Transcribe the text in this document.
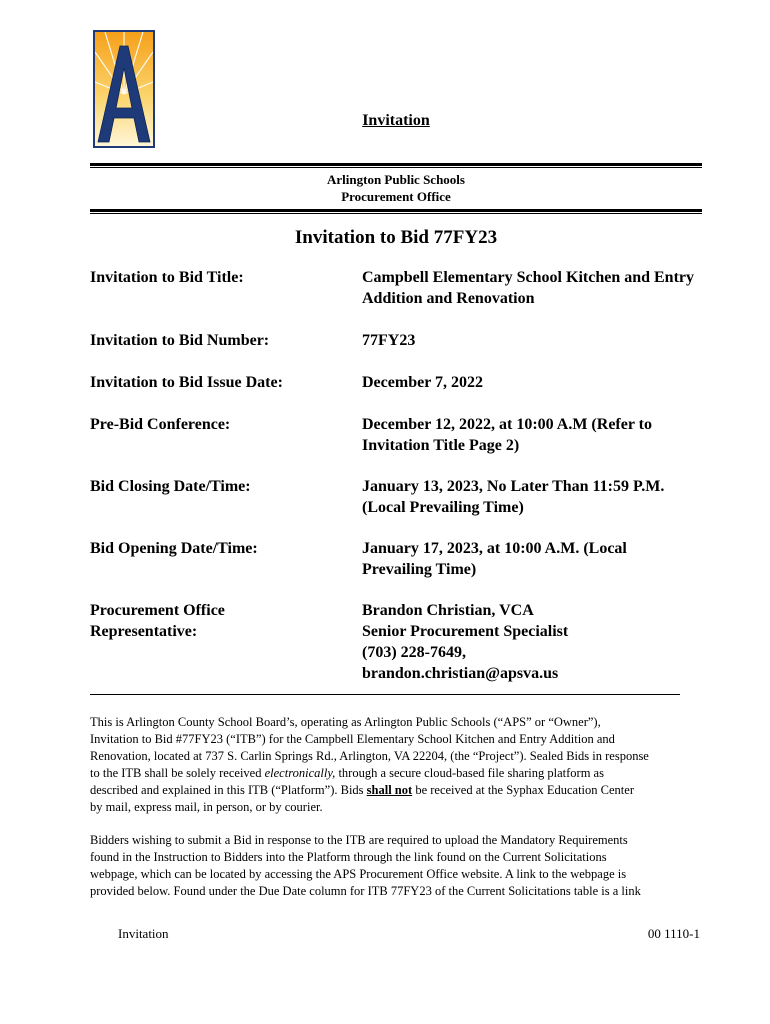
Invitation
Arlington Public Schools
Procurement Office
Invitation to Bid 77FY23
Invitation to Bid Title:	Campbell Elementary School Kitchen and Entry
Addition and Renovation
Invitation to Bid Number:	77FY23
Invitation to Bid Issue Date:	December 7, 2022
Pre-Bid Conference:	December 12, 2022, at 10:00 A.M (Refer to
Invitation Title Page 2)
Bid Closing Date/Time:	January 13, 2023, No Later Than 11:59 P.M.
(Local Prevailing Time)
Bid Opening Date/Time:	January 17, 2023, at 10:00 A.M. (Local
Prevailing Time)
Procurement Office
Representative:
Brandon Christian, VCA
Senior Procurement Specialist
(703) 228-7649,
brandon.christian@apsva.us
This is Arlington County School Board’s, operating as Arlington Public Schools (“APS” or “Owner”),
Invitation to Bid #77FY23 (“ITB”) for the Campbell Elementary School Kitchen and Entry Addition and
Renovation, located at 737 S. Carlin Springs Rd., Arlington, VA 22204, (the “Project”). Sealed Bids in response
to the ITB shall be solely received electronically, through a secure cloud-based file sharing platform as
described and explained in this ITB (“Platform”). Bids shall not be received at the Syphax Education Center
by mail, express mail, in person, or by courier.
Bidders wishing to submit a Bid in response to the ITB are required to upload the Mandatory Requirements
found in the Instruction to Bidders into the Platform through the link found on the Current Solicitations
webpage, which can be located by accessing the APS Procurement Office website. A link to the webpage is
provided below. Found under the Due Date column for ITB 77FY23 of the Current Solicitations table is a link
Invitation	00 1110-1
